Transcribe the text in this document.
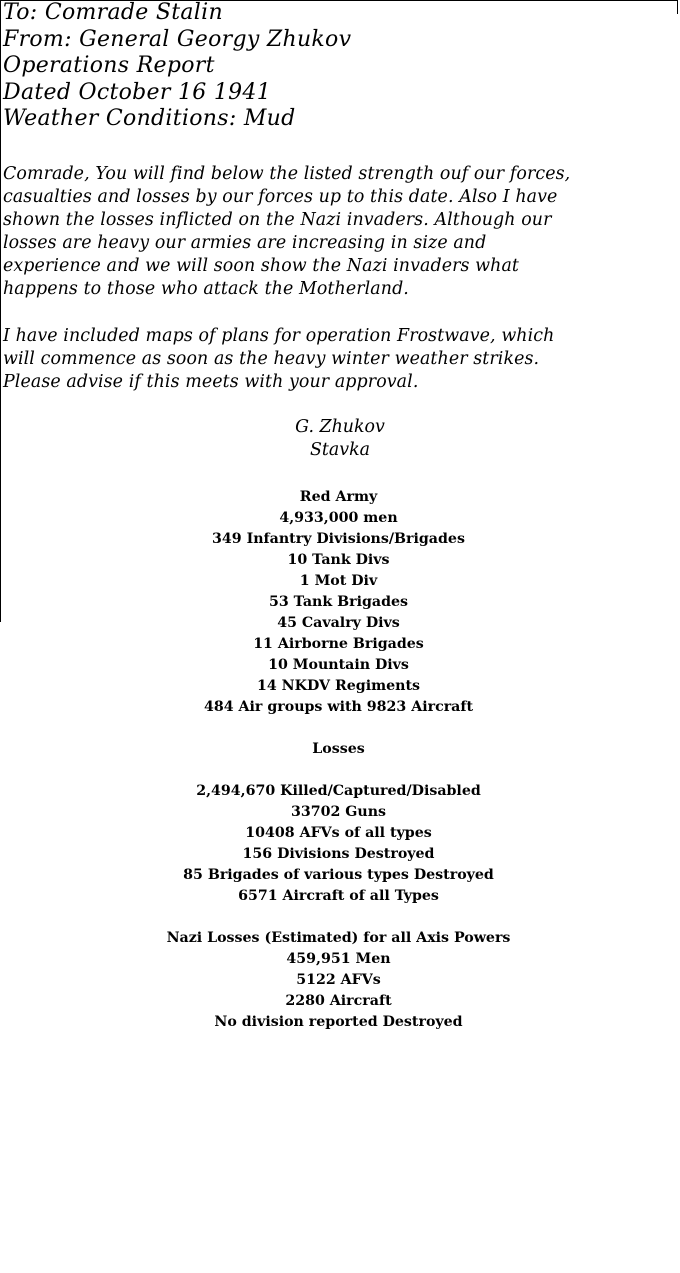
To: Comrade Stalin
From: General Georgy Zhukov
Operations Report
Dated October 16 1941
Weather Conditions: Mud
Comrade, You will find below the listed strength ouf our forces,
casualties and losses by our forces up to this date. Also I have
shown the losses inflicted on the Nazi invaders. Although our
losses are heavy our armies are increasing in size and
experience and we will soon show the Nazi invaders what
happens to those who attack the Motherland.
I have included maps of plans for operation Frostwave, which
will commence as soon as the heavy winter weather strikes.
Please advise if this meets with your approval.
G. Zhukov
Stavka
Red Army
4,933,000 men
349 Infantry Divisions/Brigades
10 Tank Divs
1 Mot Div
53 Tank Brigades
45 Cavalry Divs
11 Airborne Brigades
10 Mountain Divs
14 NKDV Regiments
484 Air groups with 9823 Aircraft
Losses
2,494,670 Killed/Captured/Disabled
33702 Guns
10408 AFVs of all types
156 Divisions Destroyed
85 Brigades of various types Destroyed
6571 Aircraft of all Types
Nazi Losses (Estimated) for all Axis Powers
459,951 Men
5122 AFVs
2280 Aircraft
No division reported Destroyed
